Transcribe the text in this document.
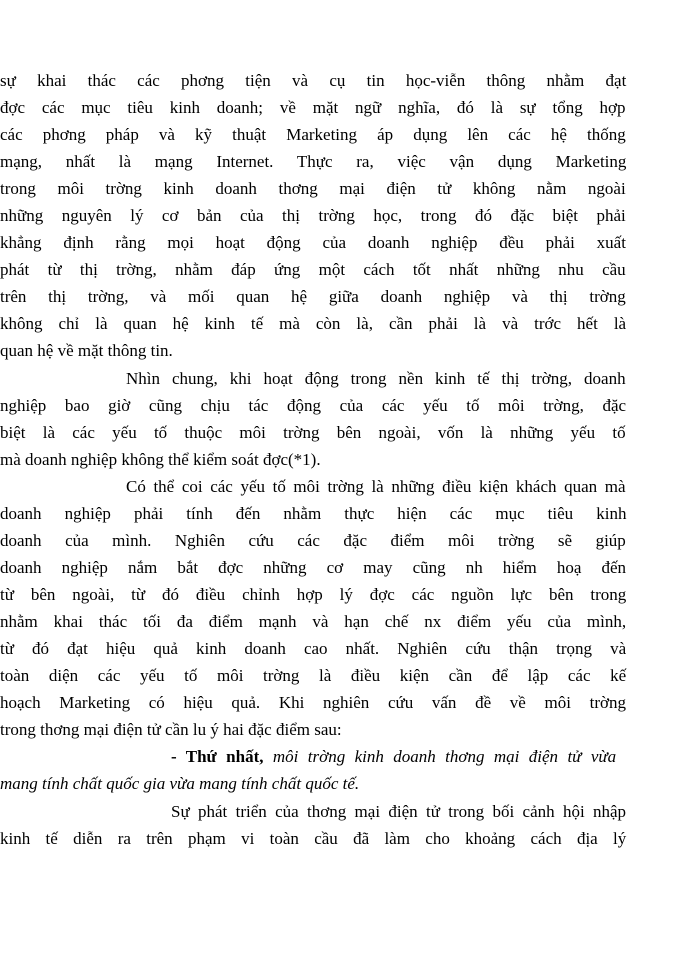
sự khai thác các phơng tiện và cụ tin học-viễn thông nhằm đạt
đợc các mục tiêu kinh doanh; về mặt ngữ nghĩa, đó là sự tổng hợp
các phơng pháp và kỹ thuật Marketing áp dụng lên các hệ thống
mạng, nhất là mạng Internet. Thực ra, việc vận dụng Marketing
trong môi trờng kinh doanh thơng mại điện tử không nằm ngoài
những nguyên lý cơ bản của thị trờng học, trong đó đặc biệt phải
khẳng định rằng mọi hoạt động của doanh nghiệp đều phải xuất
phát từ thị trờng, nhằm đáp ứng một cách tốt nhất những nhu cầu
trên thị trờng, và mối quan hệ giữa doanh nghiệp và thị trờng
không chỉ là quan hệ kinh tế mà còn là, cần phải là và trớc hết là
quan hệ về mặt thông tin.
Nhìn chung, khi hoạt động trong nền kinh tế thị trờng, doanh
nghiệp bao giờ cũng chịu tác động của các yếu tố môi trờng, đặc
biệt là các yếu tố thuộc môi trờng bên ngoài, vốn là những yếu tố
mà doanh nghiệp không thể kiểm soát đợc(*1).
Có thể coi các yếu tố môi trờng là những điều kiện khách quan mà
doanh nghiệp phải tính đến nhằm thực hiện các mục tiêu kinh
doanh của mình. Nghiên cứu các đặc điểm môi trờng sẽ giúp
doanh nghiệp nắm bắt đợc những cơ may cũng nh hiểm hoạ đến
từ bên ngoài, từ đó điều chỉnh hợp lý đợc các nguồn lực bên trong
nhằm khai thác tối đa điểm mạnh và hạn chế nx điểm yếu của mình,
từ đó đạt hiệu quả kinh doanh cao nhất. Nghiên cứu thận trọng và
toàn diện các yếu tố môi trờng là điều kiện cần để lập các kế
hoạch Marketing có hiệu quả. Khi nghiên cứu vấn đề về môi trờng
trong thơng mại điện tử cần lu ý hai đặc điểm sau:
- Thứ nhất, môi trờng kinh doanh thơng mại điện tử vừa
mang tính chất quốc gia vừa mang tính chất quốc tế.
Sự phát triển của thơng mại điện tử trong bối cảnh hội nhập
kinh tế diễn ra trên phạm vi toàn cầu đã làm cho khoảng cách địa lý
